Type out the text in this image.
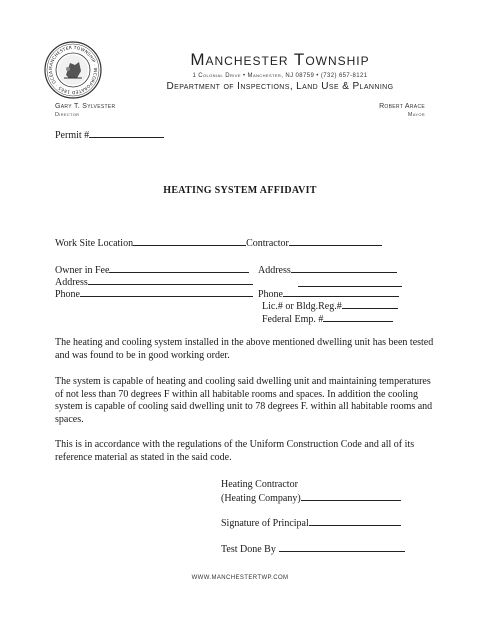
MANCHESTER TOWNSHIP · INCORPORATED 1865 · OCEA
Manchester Township
1 Colonial Drive • Manchester, NJ 08759 • (732) 657-8121
Department of Inspections, Land Use & Planning
Gary T. Sylvester
Director
Robert Arace
Mayor
Permit #
HEATING SYSTEM AFFIDAVIT
Work Site Location	Contractor
Owner in Fee
Address
Phone
Address
Phone
Lic.# or Bldg.Reg.#
Federal Emp. #
The heating and cooling system installed in the above mentioned dwelling unit has been tested and was found to be in good working order.
The system is capable of heating and cooling said dwelling unit and maintaining temperatures of not less than 70 degrees F within all habitable rooms and spaces. In addition the cooling system is capable of cooling said dwelling unit to 78 degrees F. within all habitable rooms and spaces.
This is in accordance with the regulations of the Uniform Construction Code and all of its reference material as stated in the said code.
Heating Contractor
(Heating Company)
Signature of Principal
Test Done By
WWW.MANCHESTERTWP.COM
